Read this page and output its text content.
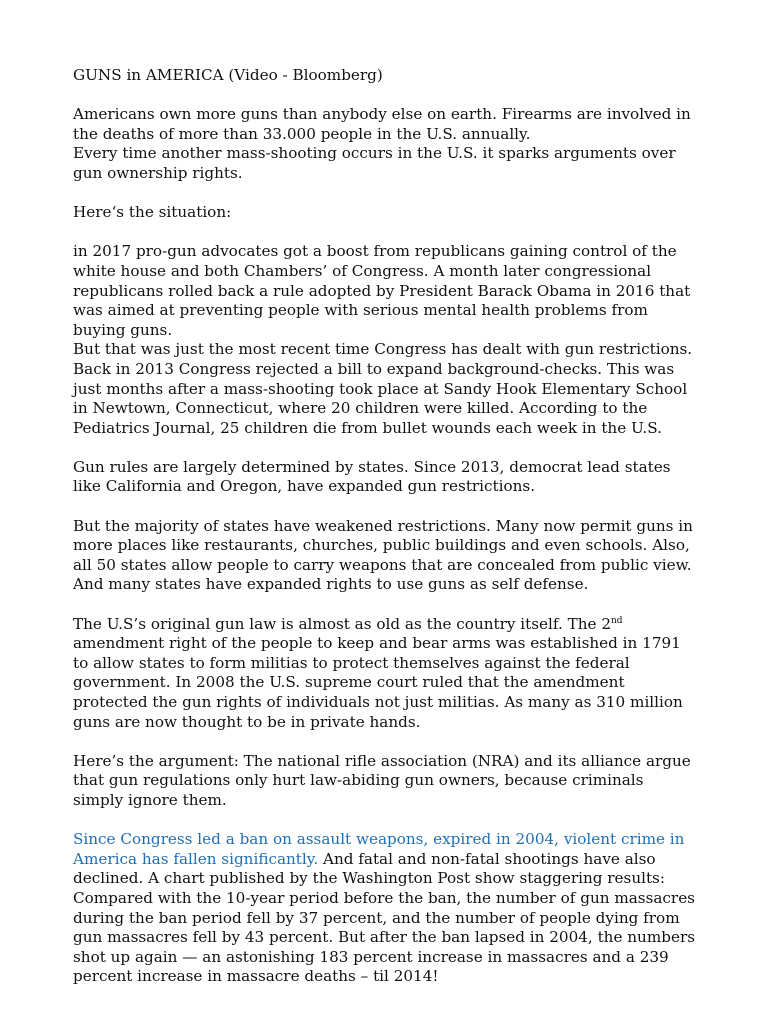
GUNS in AMERICA (Video - Bloomberg)

Americans own more guns than anybody else on earth. Firearms are involved in the deaths of more than 33.000 people in the U.S. annually.

Every time another mass-shooting occurs in the U.S. it sparks arguments over gun ownership rights.

Here‘s the situation:

in 2017 pro-gun advocates got a boost from republicans gaining control of the white house and both Chambers’ of Congress. A month later congressional republicans rolled back a rule adopted by President Barack Obama in 2016 that was aimed at preventing people with serious mental health problems from buying guns.

But that was just the most recent time Congress has dealt with gun restrictions. Back in 2013 Congress rejected a bill to expand background-checks. This was just months after a mass-shooting took place at Sandy Hook Elementary School in Newtown, Connecticut, where 20 children were killed. According to the Pediatrics Journal, 25 children die from bullet wounds each week in the U.S.

Gun rules are largely determined by states. Since 2013, democrat lead states like California and Oregon, have expanded gun restrictions.

But the majority of states have weakened restrictions. Many now permit guns in more places like restaurants, churches, public buildings and even schools. Also, all 50 states allow people to carry weapons that are concealed from public view. And many states have expanded rights to use guns as self defense.

The U.S’s original gun law is almost as old as the country itself. The 2nd amendment right of the people to keep and bear arms was established in 1791 to allow states to form militias to protect themselves against the federal government. In 2008 the U.S. supreme court ruled that the amendment protected the gun rights of individuals not just militias. As many as 310 million guns are now thought to be in private hands.

Here’s the argument: The national rifle association (NRA) and its alliance argue that gun regulations only hurt law-abiding gun owners, because criminals simply ignore them.

Since Congress led a ban on assault weapons, expired in 2004, violent crime in America has fallen significantly. And fatal and non-fatal shootings have also declined. A chart published by the Washington Post show staggering results: Compared with the 10-year period before the ban, the number of gun massacres during the ban period fell by 37 percent, and the number of people dying from gun massacres fell by 43 percent. But after the ban lapsed in 2004, the numbers shot up again — an astonishing 183 percent increase in massacres and a 239 percent increase in massacre deaths – til 2014!
